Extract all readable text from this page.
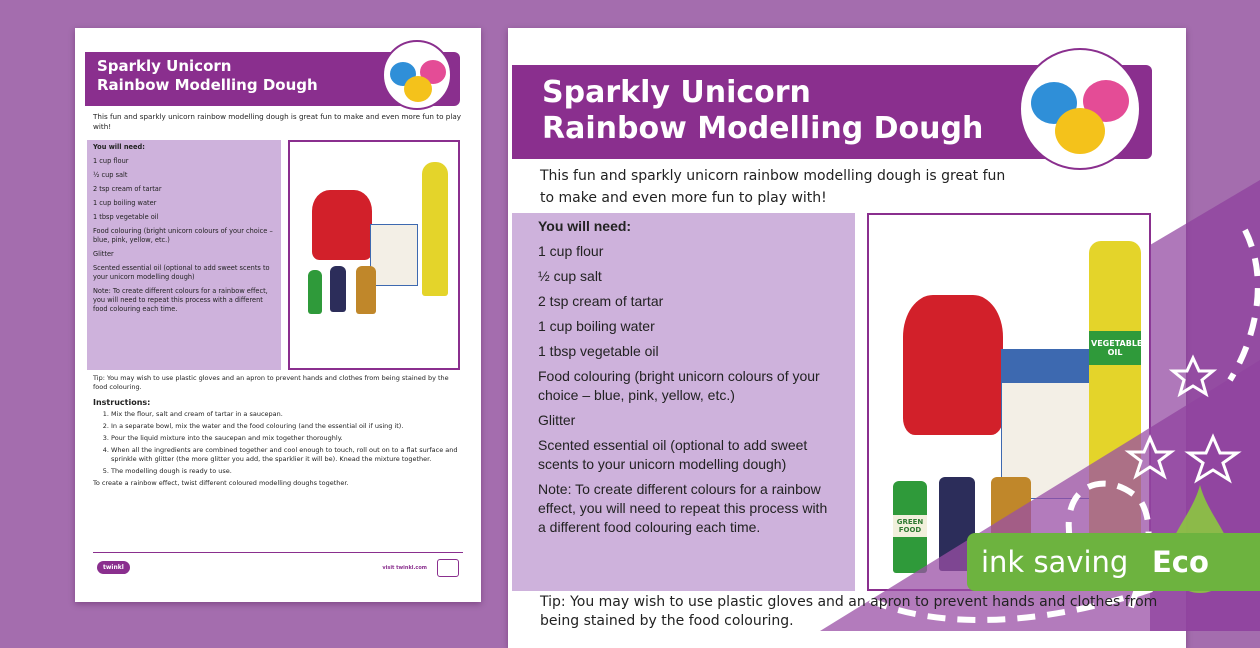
Sparkly Unicorn
Rainbow Modelling Dough
This fun and sparkly unicorn rainbow modelling dough is great fun to make and even more fun to play with!
You will need:
1 cup flour
½ cup salt
2 tsp cream of tartar
1 cup boiling water
1 tbsp vegetable oil
Food colouring (bright unicorn colours of your choice – blue, pink, yellow, etc.)
Glitter
Scented essential oil (optional to add sweet scents to your unicorn modelling dough)
Note: To create different colours for a rainbow effect, you will need to repeat this process with a different food colouring each time.
Tip: You may wish to use plastic gloves and an apron to prevent hands and clothes from being stained by the food colouring.
Instructions:
1. Mix the flour, salt and cream of tartar in a saucepan.
2. In a separate bowl, mix the water and the food colouring (and the essential oil if using it).
3. Pour the liquid mixture into the saucepan and mix together thoroughly.
4. When all the ingredients are combined together and cool enough to touch, roll out on to a flat surface and sprinkle with glitter (the more glitter you add, the sparklier it will be). Knead the mixture together.
5. The modelling dough is ready to use.
To create a rainbow effect, twist different coloured modelling doughs together.
twinkl	visit twinkl.com
Sparkly Unicorn
Rainbow Modelling Dough
This fun and sparkly unicorn rainbow modelling dough is great fun to make and even more fun to play with!
You will need:
1 cup flour
½ cup salt
2 tsp cream of tartar
1 cup boiling water
1 tbsp vegetable oil
Food colouring (bright unicorn colours of your choice – blue, pink, yellow, etc.)
Glitter
Scented essential oil (optional to add sweet scents to your unicorn modelling dough)
Note: To create different colours for a rainbow effect, you will need to repeat this process with a different food colouring each time.
VEGETABLE OIL
GREEN FOOD
Tip: You may wish to use plastic gloves and an apron to prevent hands and clothes from being stained by the food colouring.
ink saving Eco
